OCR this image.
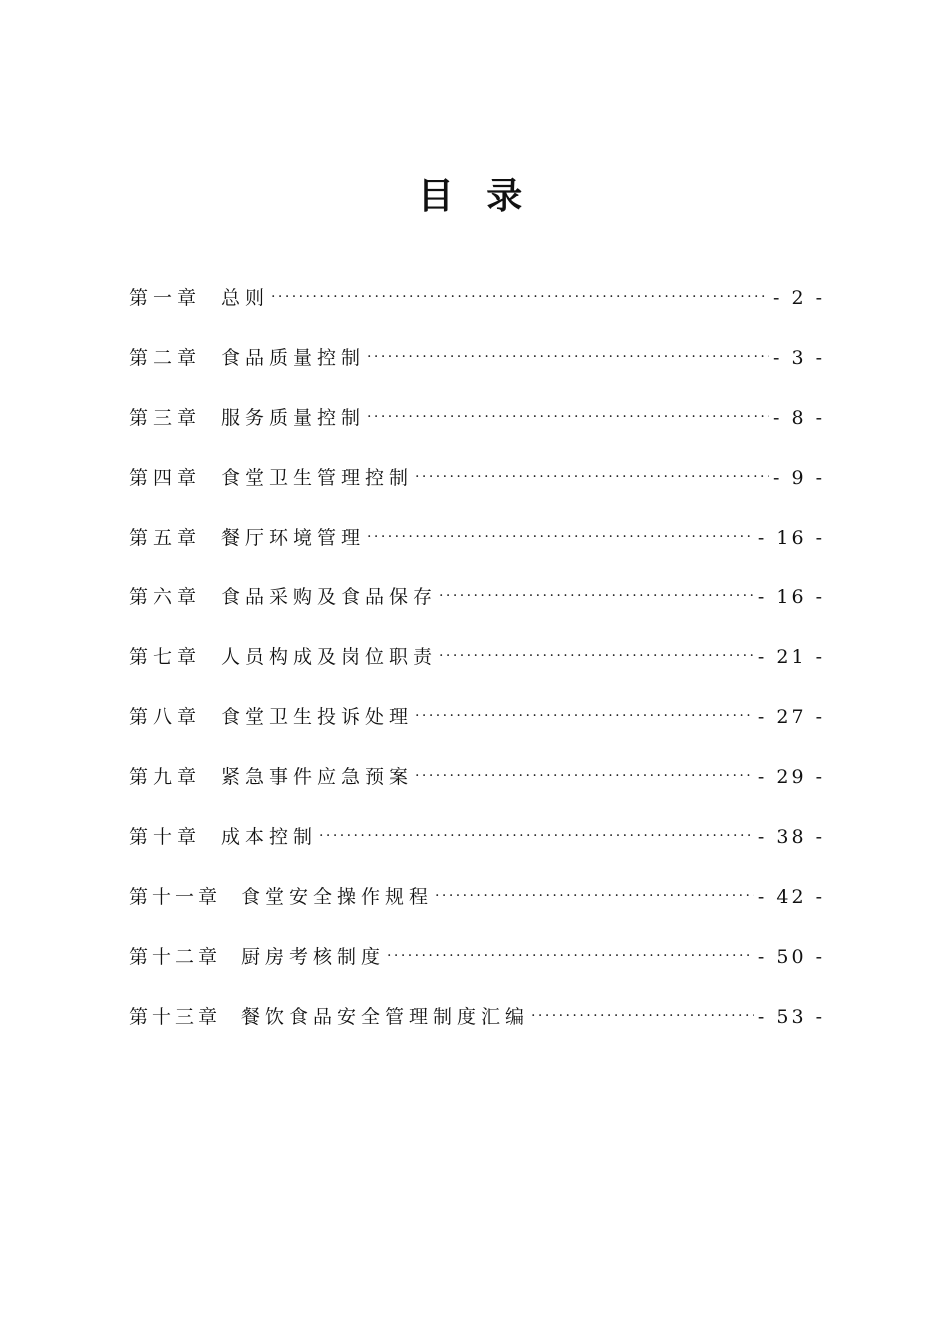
目 录
第一章 总则 . . .	- 2 -
第二章 食品质量控制 . . .	- 3 -
第三章 服务质量控制 . . .	- 8 -
第四章 食堂卫生管理控制 . . .	- 9 -
第五章 餐厅环境管理 . . .	- 16 -
第六章 食品采购及食品保存 . . .	- 16 -
第七章 人员构成及岗位职责 . . .	- 21 -
第八章 食堂卫生投诉处理 . . .	- 27 -
第九章 紧急事件应急预案 . . .	- 29 -
第十章 成本控制 . . .	- 38 -
第十一章 食堂安全操作规程 . . .	- 42 -
第十二章 厨房考核制度 . . .	- 50 -
第十三章 餐饮食品安全管理制度汇编 . . .	- 53 -
